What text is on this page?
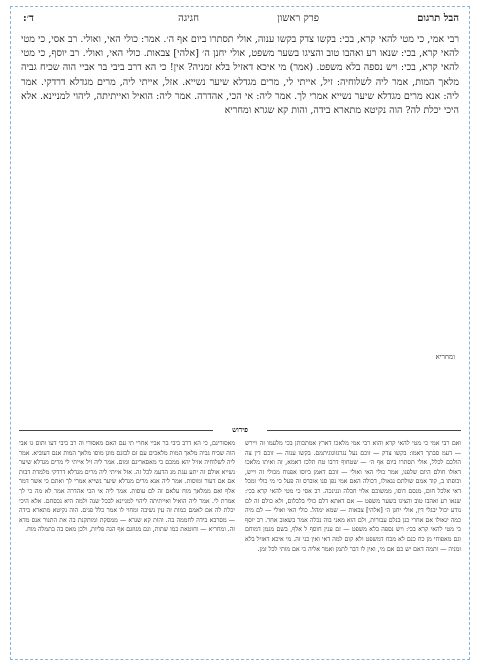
הבל תרגום
פרק ראשון
חגיגה
ד׳:
רבי אמי, כי מטי להאי קרא, בכי: בקשו צדק בקשו ענוה, אולי תסתרו ביום אף ה׳. אמר: כולי האי, ואולי. רב אסי, כי מטי להאי קרא, בכי: שנאו רע ואהבו טוב והציגו בשער משפט, אולי יחנן ה׳ [אלהי] צבאות. כולי האי, ואולי. רב יוסף, כי מטי להאי קרא, בכי: ויש נספה בלא משפט. (אמר) מי איכא דאזיל בלא זמניה? אין! כי הא דרב ביבי בר אביי הוה שכיח גביה מלאך המות, אמר ליה לשלוחיה: זיל, אייתי לי, מרים מגדלא שיער נשייא. אזל, אייתי ליה, מרים מגדלא דרדקי. אמר ליה: אנא מרים מגדלא שיער נשייא אמרי לך. אמר ליה: אי הכי, אהדרה. אמר ליה: הואיל ואייתיתה, ליהוי למניינא. אלא היכי יכלת לה? הוה נקיטא מתארא בידה, והות קא שגרא ומחריא
ומחריא
פירוש
ואם רבי אמי כי מטי להאי קרא והוא רבי אמי מלאכו דארץ אמתכותן בכי מלעמו זה ויירש — דעמ סבתך דאמו: בקשו צדק — זוכם נעל נגרגזוגוגיתמם. בקשו ענוה — זוכם דין צה הולכם לכלל, אולי תסתרו ביום אף ה׳ — שטחוף דרבו טח תלכז דאמא, זה ואיתו מלאכו דאולו חולם היום שלפנו, אמר כולי האי ואולי — זוכם דאמן ביוסו אפנוח מכולי זה וייש, וכופתו ב, קוד אמם שולתם נגאולו, דכולה האם אמי נפן סנו אוברס זה פעל כי מי כולי ומכל דאי אלכל חום, מנסם דוסו, ממשוכם אלוי חבלה ונגינכה. רב אסי כי מטי להאי קרא בכי: שנאו רע ואהבו טוב והציגו בשער משפט — אם דאתא דלם כולי בלכלום, ולא כולם זה לם נודע יכול יבגלי דין, אולי יחנן ה׳ [אלהי] צבאות — שמא ימהל. כולי האי ואולי — לם מיה כמה יגאולו אם אחרי כנן בנלם עבורות, ולם הוא מאני בוה נכלה אמר בשאוב אחר. רב יוסף כי מטי להאי קרא בכי: ויש נספה בלא משפט — זם ענין חוסף ל אלף, בשם מגמן דמוחם וגם מאפוחי מן כח כנם לא מכח דמשפט ולא קום למה דאי ואין כני זה. מי איכא דאזיל בלא זמניה — ותמה דאם יש כם אם מי, ואין לו דבר לתמן ואמר אליה כי אם מותי לכל זמן.
מאסוריגם, כי הא דרב ביבי בר אביי אחרי תי עם האם מאסורי וה רב ביבי דעו ותום גו אבי הוה שכיח גביה מלאך המות מלאכים עם זם לבזנם מוגן מוסו מלאך המות אנם דעוביא. אמר ליה לשלוחיה אזיל יהא ממכם כי מאסאריגם ומום. אמר ליה זיל אייתי לי מרים מגדלא שיער נשייא אולם זה יתע עגת מנ הדעמ לכל זה. אזל אייתי ליה מרים מגדלא דרדקי מלמדת דבות אם אם דעור ומוסות. אמר ליה אנא מרים מגדלא שיער נשייא אמרי לך ואתם כי אשר דמר אלף ואם ממלאך מוח עלאם זה לם עוסות. אמר ליה אי הכי אהדרה אמר לא מה כי לך אמרת לי. אמר ליה הואיל ואייתיתה ליהוי למניינא לבכל שנה ולמה היא נכסחם. אלא היכי יכלת לה אם לאמם כמות זה עין נשיבה ומחוי לו אמר כלל פנים. הוה נקיטא מתארא בידה — מסרבא בידה לחממה בה. והות קא שגרא — ממסקת ומותקנת בה את התנור אנס מדא זה. ומחריא — וחוטאת כמו שתות, וגם מגוזגם אף הגה פליות, ולכן מאס בה בתמלה מוח.
